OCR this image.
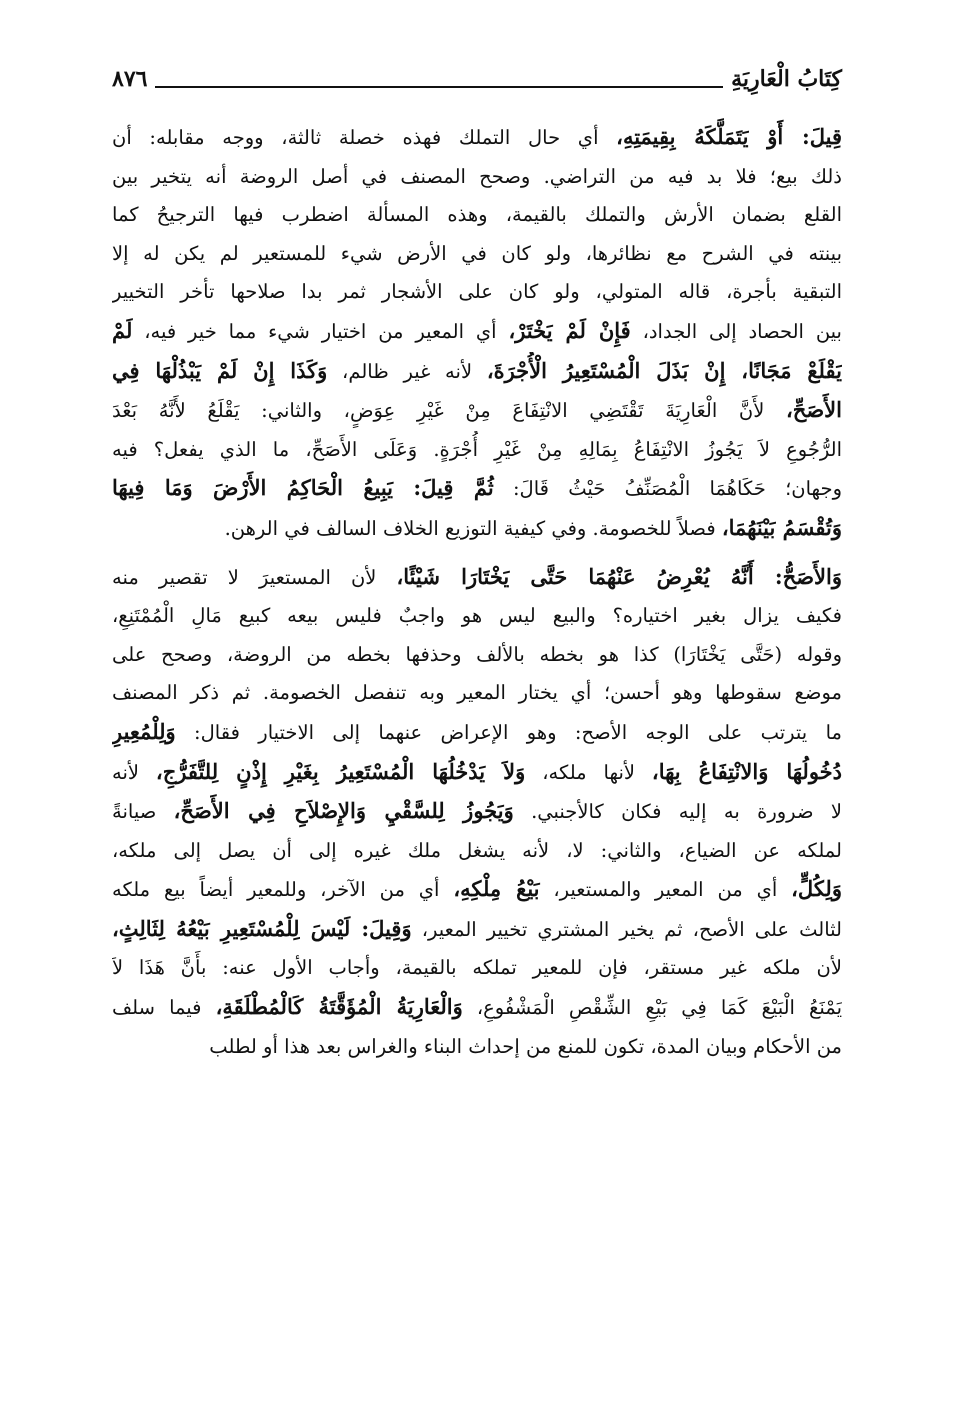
كِتَابُ الْعَارِيَةِ
٨٧٦

قِيلَ: أَوْ يَتَمَلَّكَهُ بِقِيمَتِهِ، أي حال التملك فهذه خصلة ثالثة، ووجه مقابله: أن
ذلك بيع؛ فلا بد فيه من التراضي. وصحح المصنف في أصل الروضة أنه يتخير بين
القلع بضمان الأرش والتملك بالقيمة، وهذه المسألة اضطرب فيها الترجيحُ كما
بينته في الشرح مع نظائرها، ولو كان في الأرض شيء للمستعير لم يكن له إلا
التبقية بأجرة، قاله المتولي، ولو كان على الأشجار ثمر بدا صلاحها تأخر التخيير
بين الحصاد إلى الجداد، فَإِنْ لَمْ يَخْتَرْ، أي المعير من اختيار شيء مما خير فيه، لَمْ
يَقْلَعْ مَجَانًا، إِنْ بَذَلَ الْمُسْتَعِيرُ الْأُجْرَةَ، لأنه غير ظالم، وَكَذَا إِنْ لَمْ يَبْذُلْهَا فِي
الأَصَحِّ، لأَنَّ الْعَارِيَةَ تَقْتَضِي الانْتِفَاعَ مِنْ غَيْرِ عِوَضٍ، والثاني: يَقْلَعُ لأَنَّهُ بَعْدَ
الرُّجُوعِ لاَ يَجُوزُ الانْتِفَاعُ بِمَالِهِ مِنْ غَيْرِ أُجْرَةٍ. وَعَلَى الأَصَحِّ، ما الذي يفعل؟ فيه
وجهان؛ حَكَاهُمَا الْمُصَنِّفُ حَيْثُ قَالَ: ثُمَّ قِيلَ: يَبِيعُ الْحَاكِمُ الأَرْضَ وَمَا فِيهَا
وَتُقْسَمُ بَيْنَهُمَا، فصلاً للخصومة. وفي كيفية التوزيع الخلاف السالف في الرهن.

وَالأَصَحُّ: أَنَّهُ يُعْرِضُ عَنْهُمَا حَتَّى يَخْتَارَا شَيْئًا، لأن المستعيرَ لا تقصير منه
فكيف يزال بغير اختياره؟ والبيع ليس هو واجبٌ فليس بيعه كبيع مَالِ الْمُمْتَنِعِ،
وقوله (حَتَّى يَخْتَارَا) كذا هو بخطه بالألف وحذفها بخطه من الروضة، وصحح على
موضع سقوطها وهو أحسن؛ أي يختار المعير وبه تنفصل الخصومة. ثم ذكر المصنف
ما يترتب على الوجه الأصح: وهو الإعراض عنهما إلى الاختيار فقال: وَلِلْمُعِيرِ
دُخُولُهَا وَالانْتِفَاعُ بِهَا، لأنها ملكه، وَلاَ يَدْخُلُهَا الْمُسْتَعِيرُ بِغَيْرِ إِذْنٍ لِلتَّفَرُّجِ، لأنه
لا ضرورة به إليه فكان كالأجنبي. وَيَجُوزُ لِلسَّقْيِ وَالإِصْلاَحِ فِي الأَصَحِّ، صيانةً
لملكه عن الضياع، والثاني: لا، لأنه يشغل ملك غيره إلى أن يصل إلى ملكه،
وَلِكُلٍّ، أي من المعير والمستعير، بَيْعُ مِلْكِهِ، أي من الآخر، وللمعير أيضاً بيع ملكه
لثالث على الأصح، ثم يخير المشتري تخيير المعير، وَقِيلَ: لَيْسَ لِلْمُسْتَعِيرِ بَيْعُهُ لِثَالِثٍ،
لأن ملكه غير مستقر، فإن للمعير تملكه بالقيمة، وأجاب الأول عنه: بأَنَّ هَذَا لاَ
يَمْنَعُ الْبَيْعَ كَمَا فِي بَيْعِ الشِّقْصِ الْمَشْفُوعِ، وَالْعَارِيَةُ الْمُؤَقَّتَةُ كَالْمُطْلَقَةِ، فيما سلف
من الأحكام وبيان المدة، تكون للمنع من إحداث البناء والغراس بعد هذا أو لطلب
